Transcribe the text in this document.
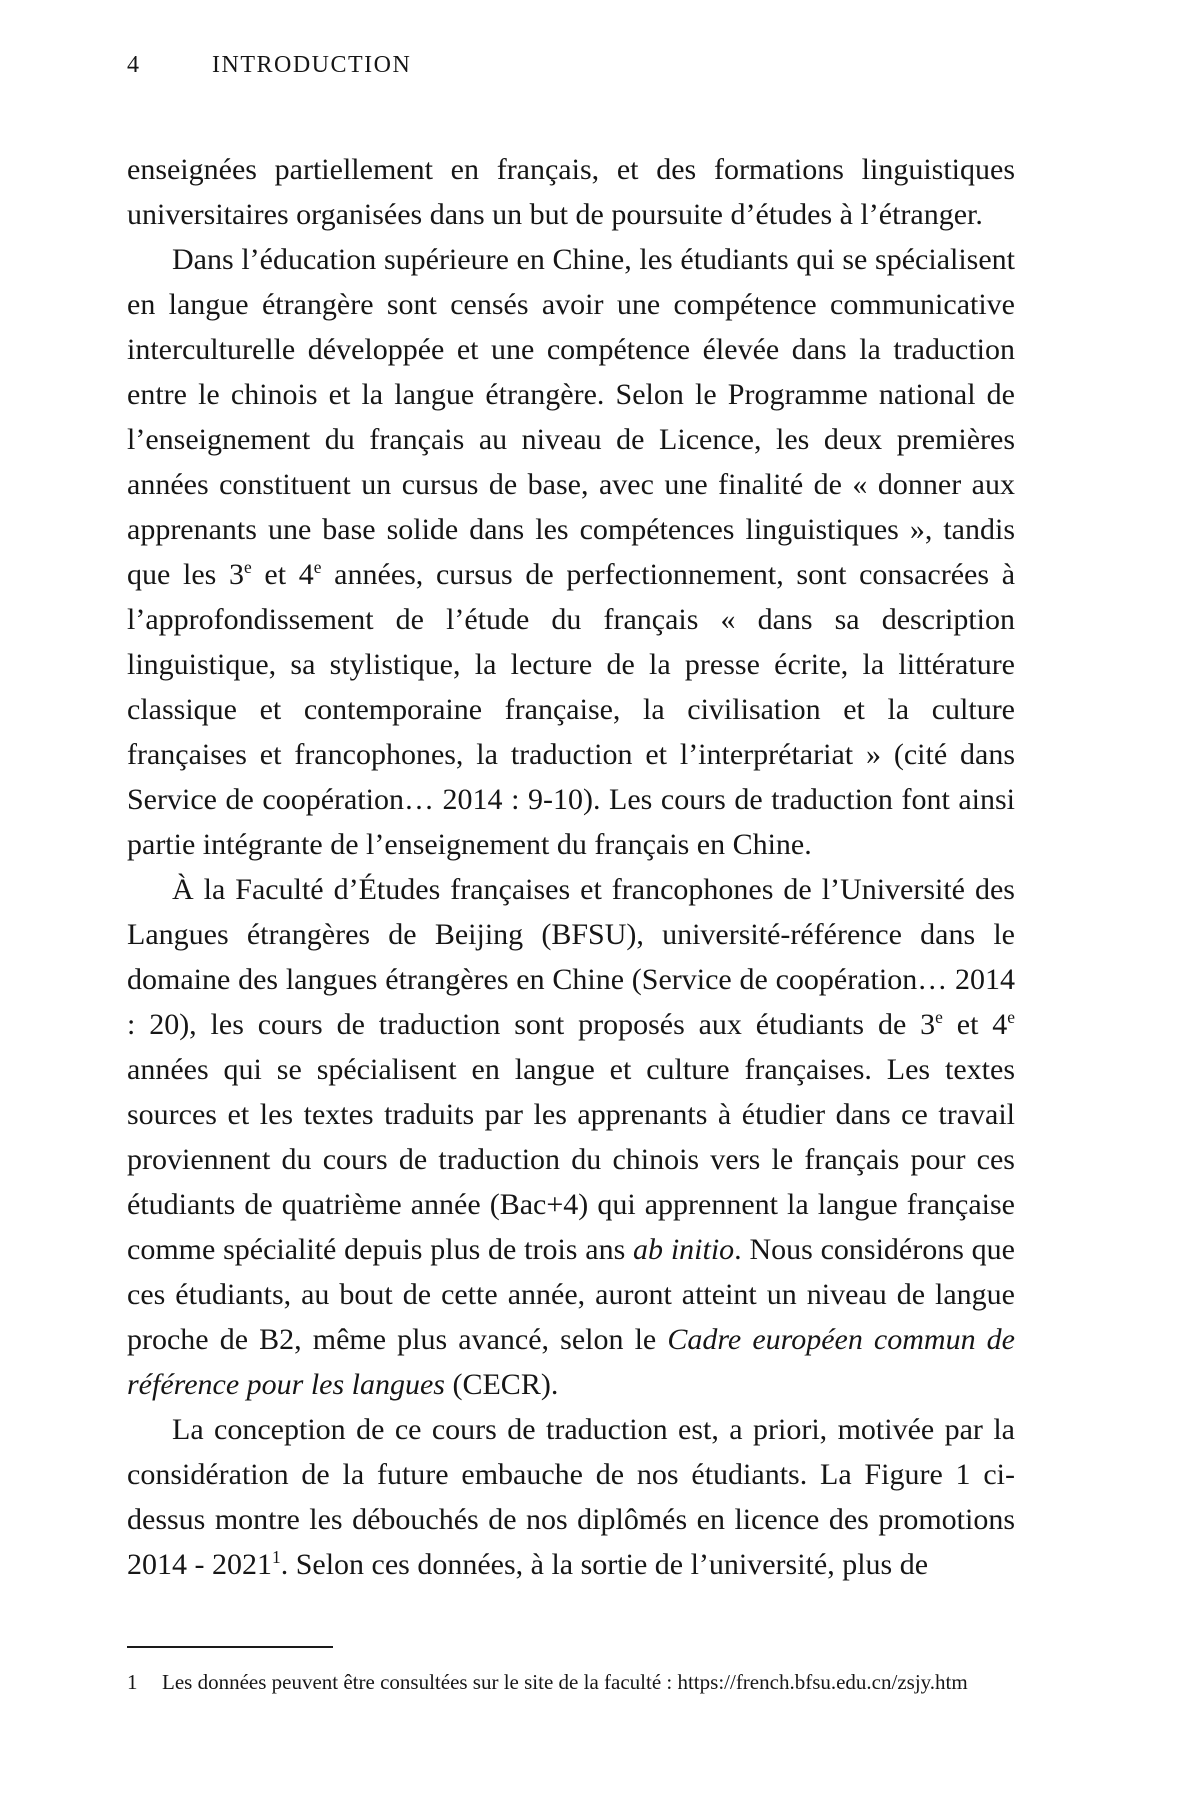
4	INTRODUCTION

enseignées partiellement en français, et des formations linguistiques universitaires organisées dans un but de poursuite d’études à l’étranger.

Dans l’éducation supérieure en Chine, les étudiants qui se spécialisent en langue étrangère sont censés avoir une compétence communicative interculturelle développée et une compétence élevée dans la traduction entre le chinois et la langue étrangère. Selon le Programme national de l’enseignement du français au niveau de Licence, les deux premières années constituent un cursus de base, avec une finalité de « donner aux apprenants une base solide dans les compétences linguistiques », tandis que les 3e et 4e années, cursus de perfectionnement, sont consacrées à l’approfondissement de l’étude du français « dans sa description linguistique, sa stylistique, la lecture de la presse écrite, la littérature classique et contemporaine française, la civilisation et la culture françaises et francophones, la traduction et l’interprétariat » (cité dans Service de coopération… 2014 : 9-10). Les cours de traduction font ainsi partie intégrante de l’enseignement du français en Chine.

À la Faculté d’Études françaises et francophones de l’Université des Langues étrangères de Beijing (BFSU), université-référence dans le domaine des langues étrangères en Chine (Service de coopération… 2014 : 20), les cours de traduction sont proposés aux étudiants de 3e et 4e années qui se spécialisent en langue et culture françaises. Les textes sources et les textes traduits par les apprenants à étudier dans ce travail proviennent du cours de traduction du chinois vers le français pour ces étudiants de quatrième année (Bac+4) qui apprennent la langue française comme spécialité depuis plus de trois ans ab initio. Nous considérons que ces étudiants, au bout de cette année, auront atteint un niveau de langue proche de B2, même plus avancé, selon le Cadre européen commun de référence pour les langues (CECR).

La conception de ce cours de traduction est, a priori, motivée par la considération de la future embauche de nos étudiants. La Figure 1 ci-dessus montre les débouchés de nos diplômés en licence des promotions 2014 - 2021$^1$. Selon ces données, à la sortie de l’université, plus de

1	Les données peuvent être consultées sur le site de la faculté : https://french.bfsu.edu.cn/zsjy.htm
